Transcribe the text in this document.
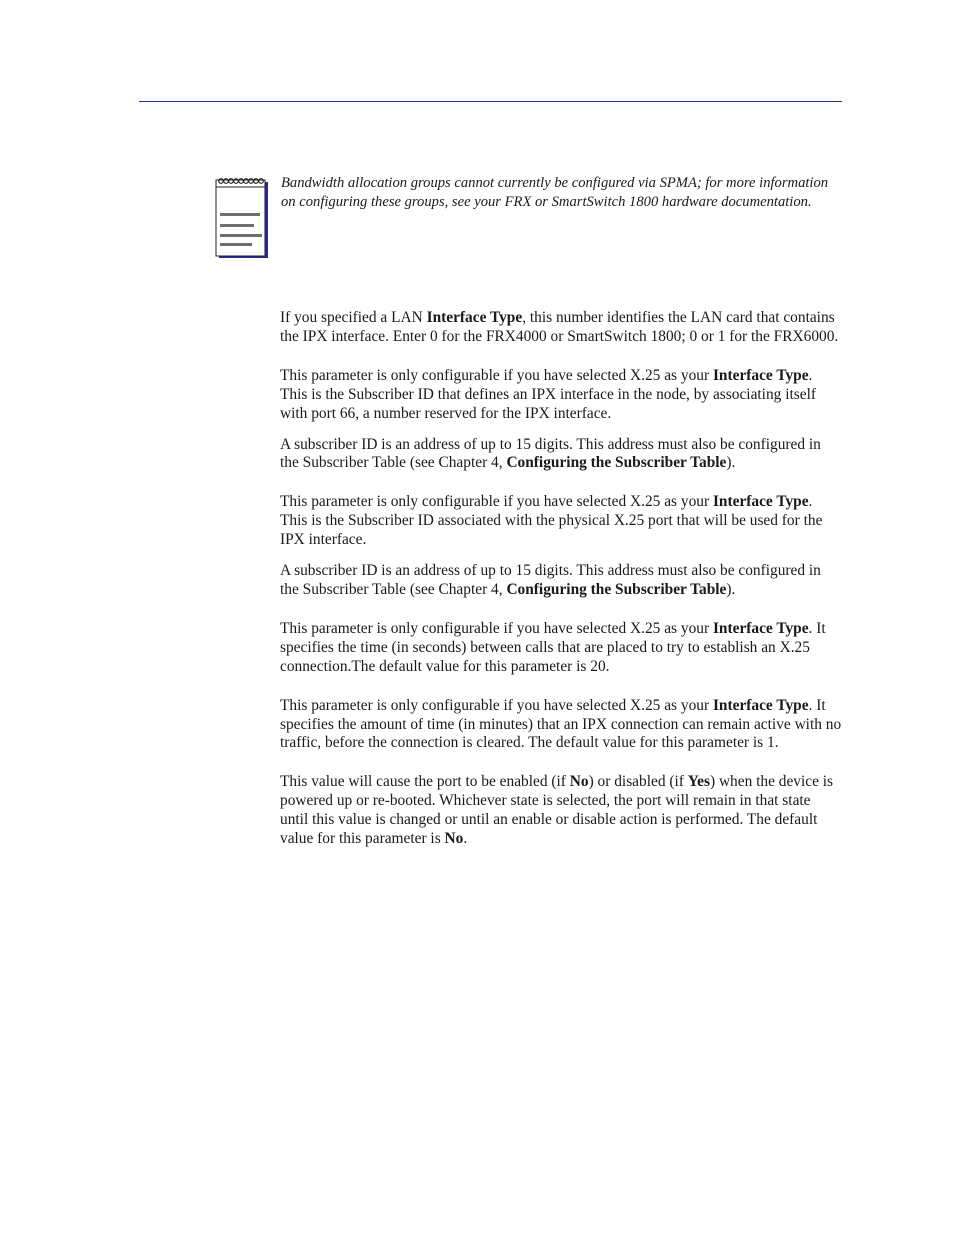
Bandwidth allocation groups cannot currently be configured via SPMA; for more information on configuring these groups, see your FRX or SmartSwitch 1800 hardware documentation.

If you specified a LAN Interface Type, this number identifies the LAN card that contains the IPX interface. Enter 0 for the FRX4000 or SmartSwitch 1800; 0 or 1 for the FRX6000.

This parameter is only configurable if you have selected X.25 as your Interface Type. This is the Subscriber ID that defines an IPX interface in the node, by associating itself with port 66, a number reserved for the IPX interface.

A subscriber ID is an address of up to 15 digits. This address must also be configured in the Subscriber Table (see Chapter 4, Configuring the Subscriber Table).

This parameter is only configurable if you have selected X.25 as your Interface Type. This is the Subscriber ID associated with the physical X.25 port that will be used for the IPX interface.

A subscriber ID is an address of up to 15 digits. This address must also be configured in the Subscriber Table (see Chapter 4, Configuring the Subscriber Table).

This parameter is only configurable if you have selected X.25 as your Interface Type. It specifies the time (in seconds) between calls that are placed to try to establish an X.25 connection.The default value for this parameter is 20.

This parameter is only configurable if you have selected X.25 as your Interface Type. It specifies the amount of time (in minutes) that an IPX connection can remain active with no traffic, before the connection is cleared. The default value for this parameter is 1.

This value will cause the port to be enabled (if No) or disabled (if Yes) when the device is powered up or re-booted. Whichever state is selected, the port will remain in that state until this value is changed or until an enable or disable action is performed. The default value for this parameter is No.
